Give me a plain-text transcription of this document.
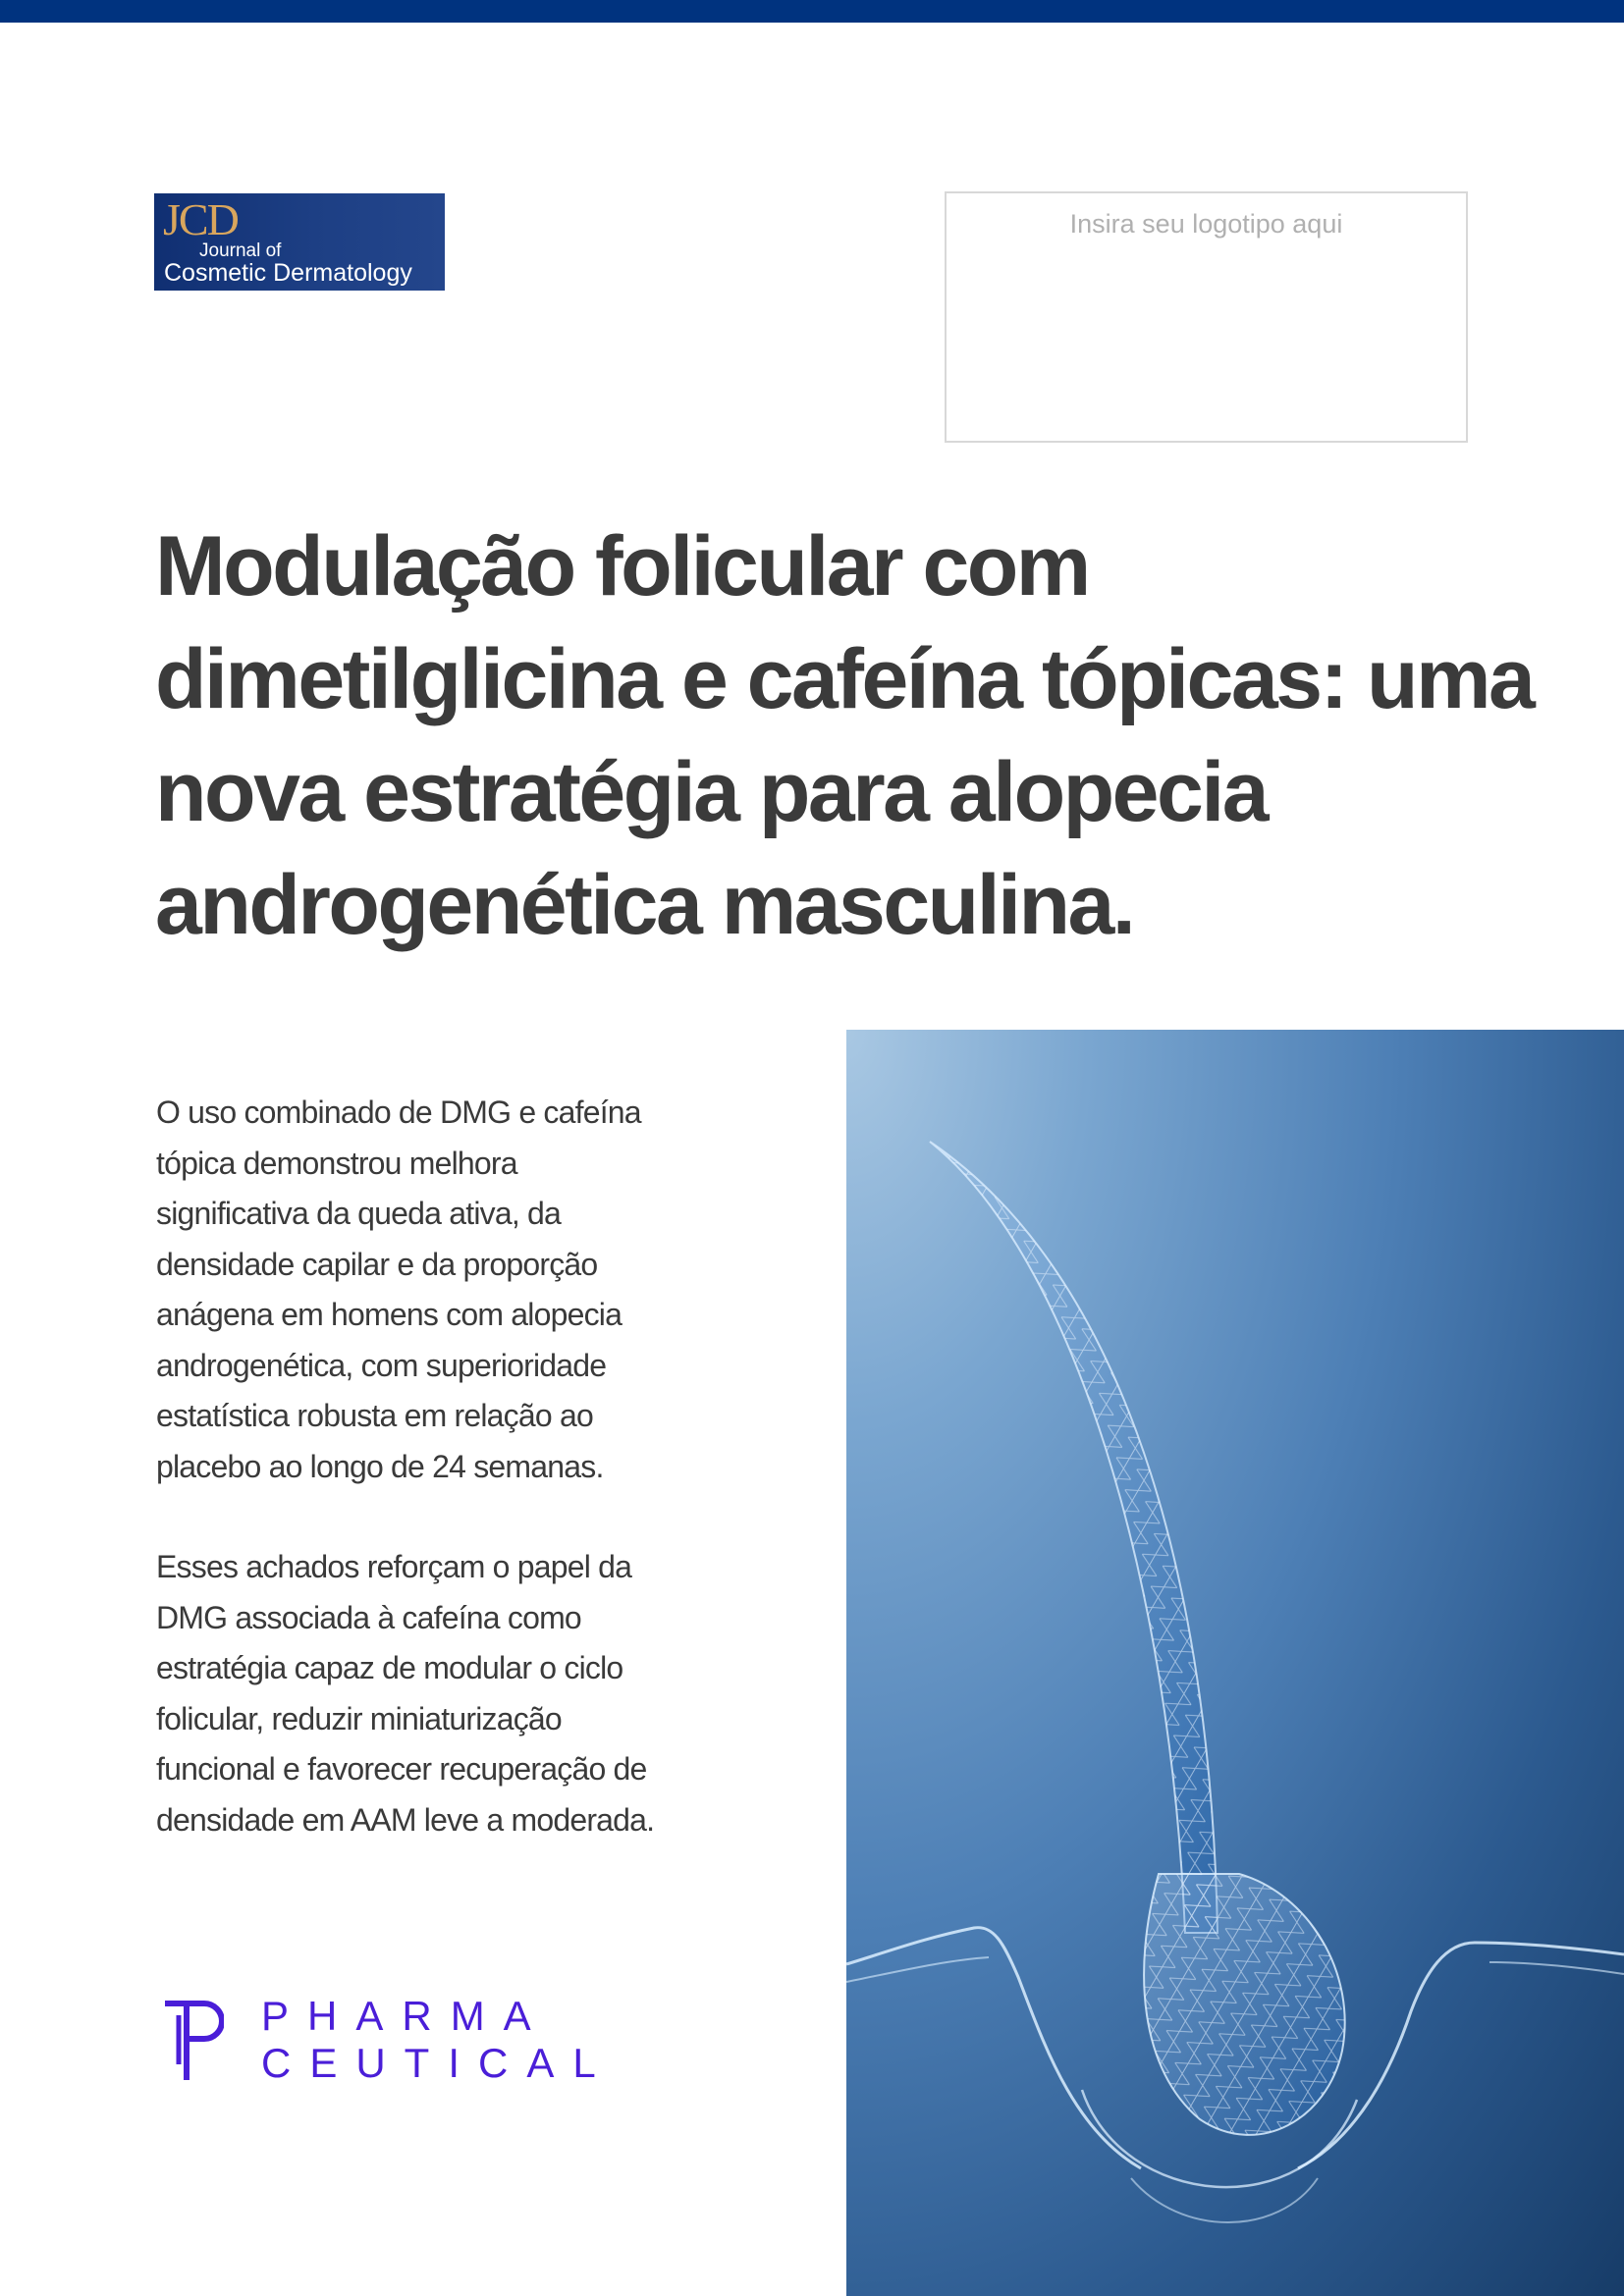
JCD
Journal of
Cosmetic Dermatology
Insira seu logotipo aqui
Modulação folicular com
dimetilglicina e cafeína tópicas: uma
nova estratégia para alopecia
androgenética masculina.

O uso combinado de DMG e cafeína
tópica demonstrou melhora
significativa da queda ativa, da
densidade capilar e da proporção
anágena em homens com alopecia
androgenética, com superioridade
estatística robusta em relação ao
placebo ao longo de 24 semanas.

Esses achados reforçam o papel da
DMG associada à cafeína como
estratégia capaz de modular o ciclo
folicular, reduzir miniaturização
funcional e favorecer recuperação de
densidade em AAM leve a moderada.

PHARMA
CEUTICAL
